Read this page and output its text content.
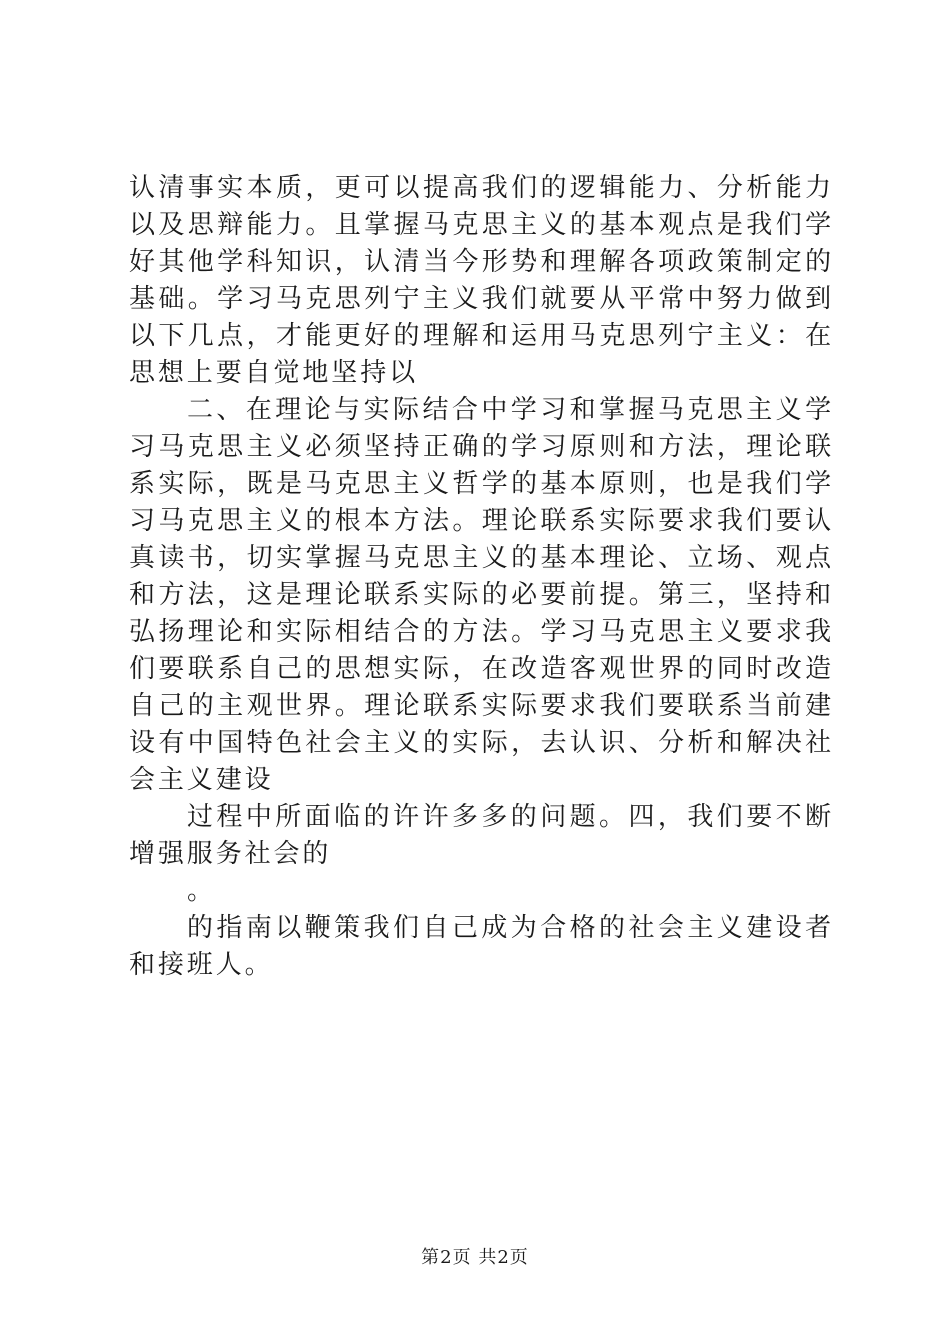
认清事实本质，更可以提高我们的逻辑能力、分析能力以及思辩能力。且掌握马克思主义的基本观点是我们学好其他学科知识，认清当今形势和理解各项政策制定的基础。学习马克思列宁主义我们就要从平常中努力做到以下几点，才能更好的理解和运用马克思列宁主义：在思想上要自觉地坚持以

二、在理论与实际结合中学习和掌握马克思主义学习马克思主义必须坚持正确的学习原则和方法，理论联系实际，既是马克思主义哲学的基本原则，也是我们学习马克思主义的根本方法。理论联系实际要求我们要认真读书，切实掌握马克思主义的基本理论、立场、观点和方法，这是理论联系实际的必要前提。第三，坚持和弘扬理论和实际相结合的方法。学习马克思主义要求我们要联系自己的思想实际，在改造客观世界的同时改造自己的主观世界。理论联系实际要求我们要联系当前建设有中国特色社会主义的实际，去认识、分析和解决社会主义建设

过程中所面临的许许多多的问题。四，我们要不断增强服务社会的

。

的指南以鞭策我们自己成为合格的社会主义建设者和接班人。

第2页 共2页
